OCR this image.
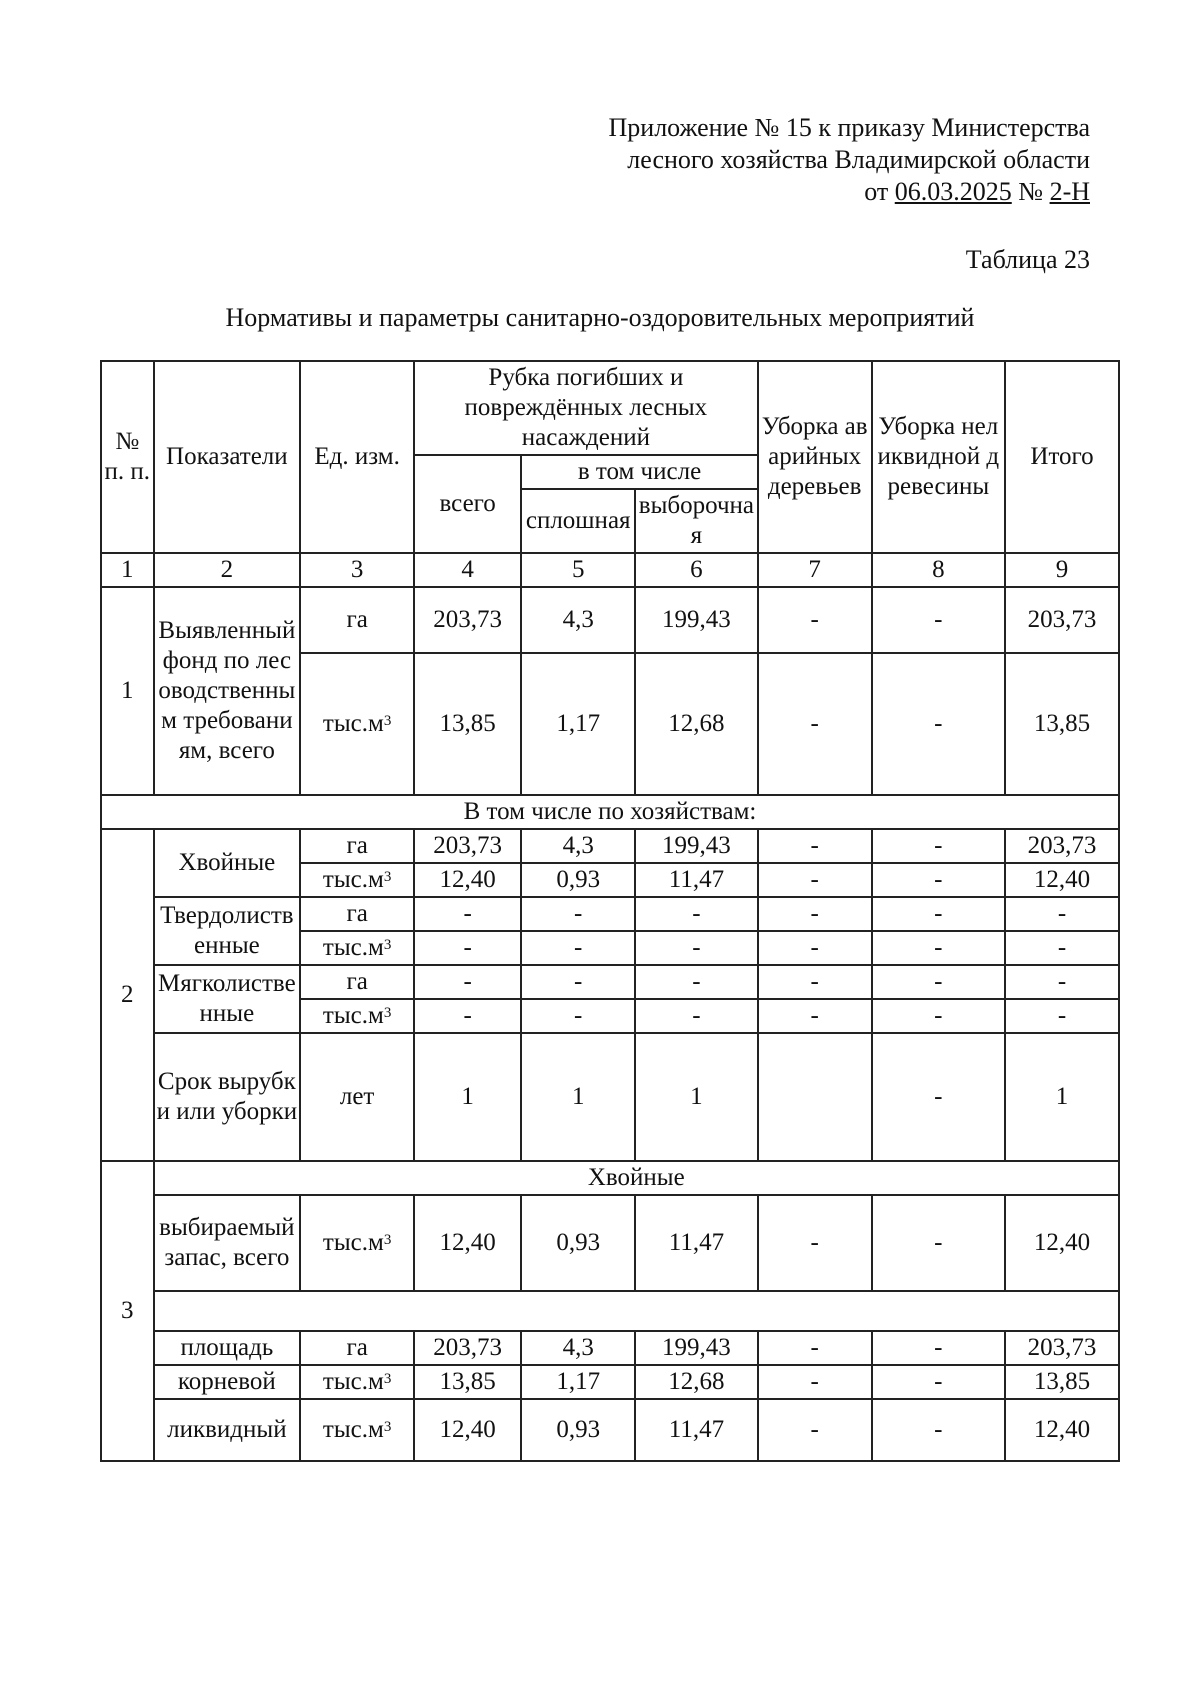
Приложение № 15 к приказу Министерства
лесного хозяйства Владимирской области
от 06.03.2025 № 2-Н
Таблица 23
Нормативы и параметры санитарно-оздоровительных мероприятий
№ п. п.	Показатели	Ед. изм.	Рубка погибших и повреждённых лесных насаждений			Уборка аварийных деревьев	Уборка неликвидной древесины	Итого
			всего	в том числе				
				сплошная	выборочная			
1	2	3	4	5	6	7	8	9
1	Выявленный фонд по лесоводственным требованиям, всего	га	203,73	4,3	199,43	-	-	203,73
		$тыс.м^3$	13,85	1,17	12,68	-	-	13,85
В том числе по хозяйствам:								
2	Хвойные	га	203,73	4,3	199,43	-	-	203,73
		$тыс.м^3$	12,40	0,93	11,47	-	-	12,40
	Твердолиственные	га	-	-	-	-	-	-
		$тыс.м^3$	-	-	-	-	-	-
	Мягколиственные	га	-	-	-	-	-	-
		$тыс.м^3$	-	-	-	-	-	-
	Срок вырубки или уборки	лет	1	1	1		-	1
3	Хвойные							
	выбираемый запас, всего	$тыс.м^3$	12,40	0,93	11,47	-	-	12,40

	площадь	га	203,73	4,3	199,43	-	-	203,73
	корневой	$тыс.м^3$	13,85	1,17	12,68	-	-	13,85
	ликвидный	$тыс.м^3$	12,40	0,93	11,47	-	-	12,40
